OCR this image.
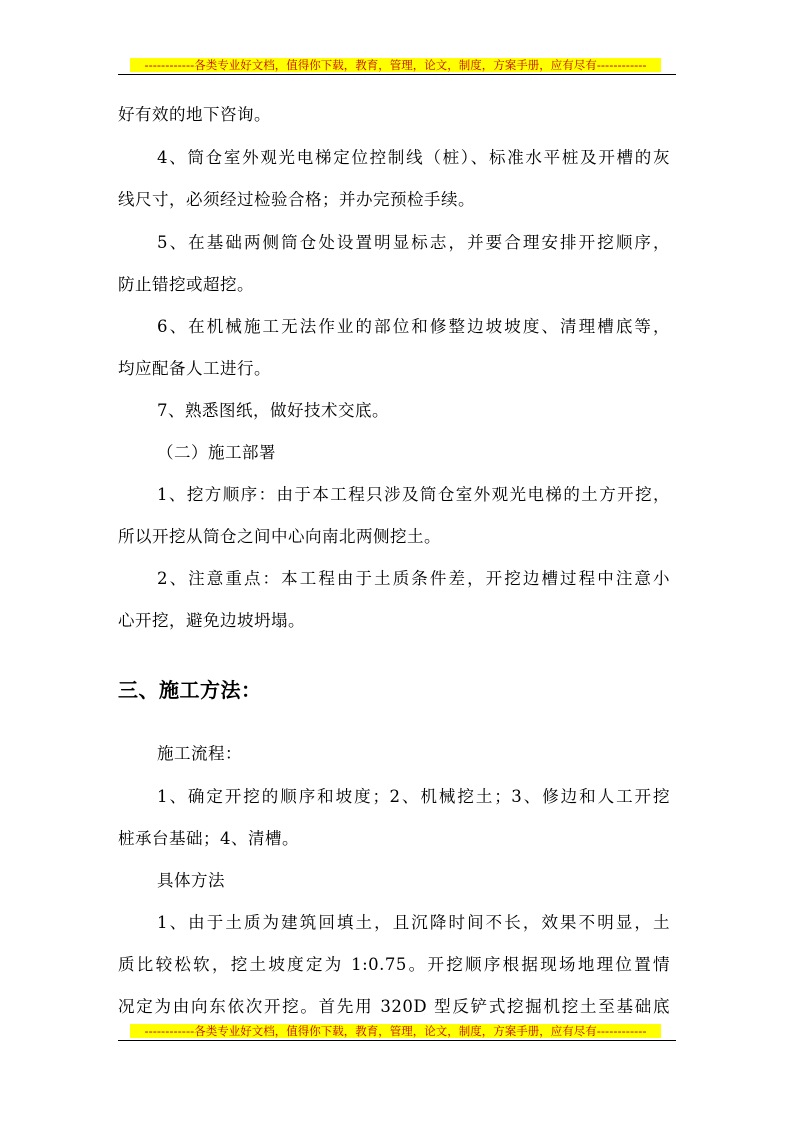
------------各类专业好文档，值得你下载，教育，管理，论文，制度，方案手册，应有尽有------------
好有效的地下咨询。
4、筒仓室外观光电梯定位控制线（桩）、标准水平桩及开槽的灰
线尺寸，必须经过检验合格；并办完预检手续。
5、在基础两侧筒仓处设置明显标志，并要合理安排开挖顺序，
防止错挖或超挖。
6、在机械施工无法作业的部位和修整边坡坡度、清理槽底等，
均应配备人工进行。
7、熟悉图纸，做好技术交底。
（二）施工部署
1、挖方顺序：由于本工程只涉及筒仓室外观光电梯的土方开挖，
所以开挖从筒仓之间中心向南北两侧挖土。
2、注意重点：本工程由于土质条件差，开挖边槽过程中注意小
心开挖，避免边坡坍塌。
三、施工方法：
施工流程：
1、确定开挖的顺序和坡度；2、机械挖土；3、修边和人工开挖
桩承台基础；4、清槽。
具体方法
1、由于土质为建筑回填土，且沉降时间不长，效果不明显，土
质比较松软，挖土坡度定为 1:0.75。开挖顺序根据现场地理位置情
况定为由向东依次开挖。首先用 320D 型反铲式挖掘机挖土至基础底
------------各类专业好文档，值得你下载，教育，管理，论文，制度，方案手册，应有尽有------------
